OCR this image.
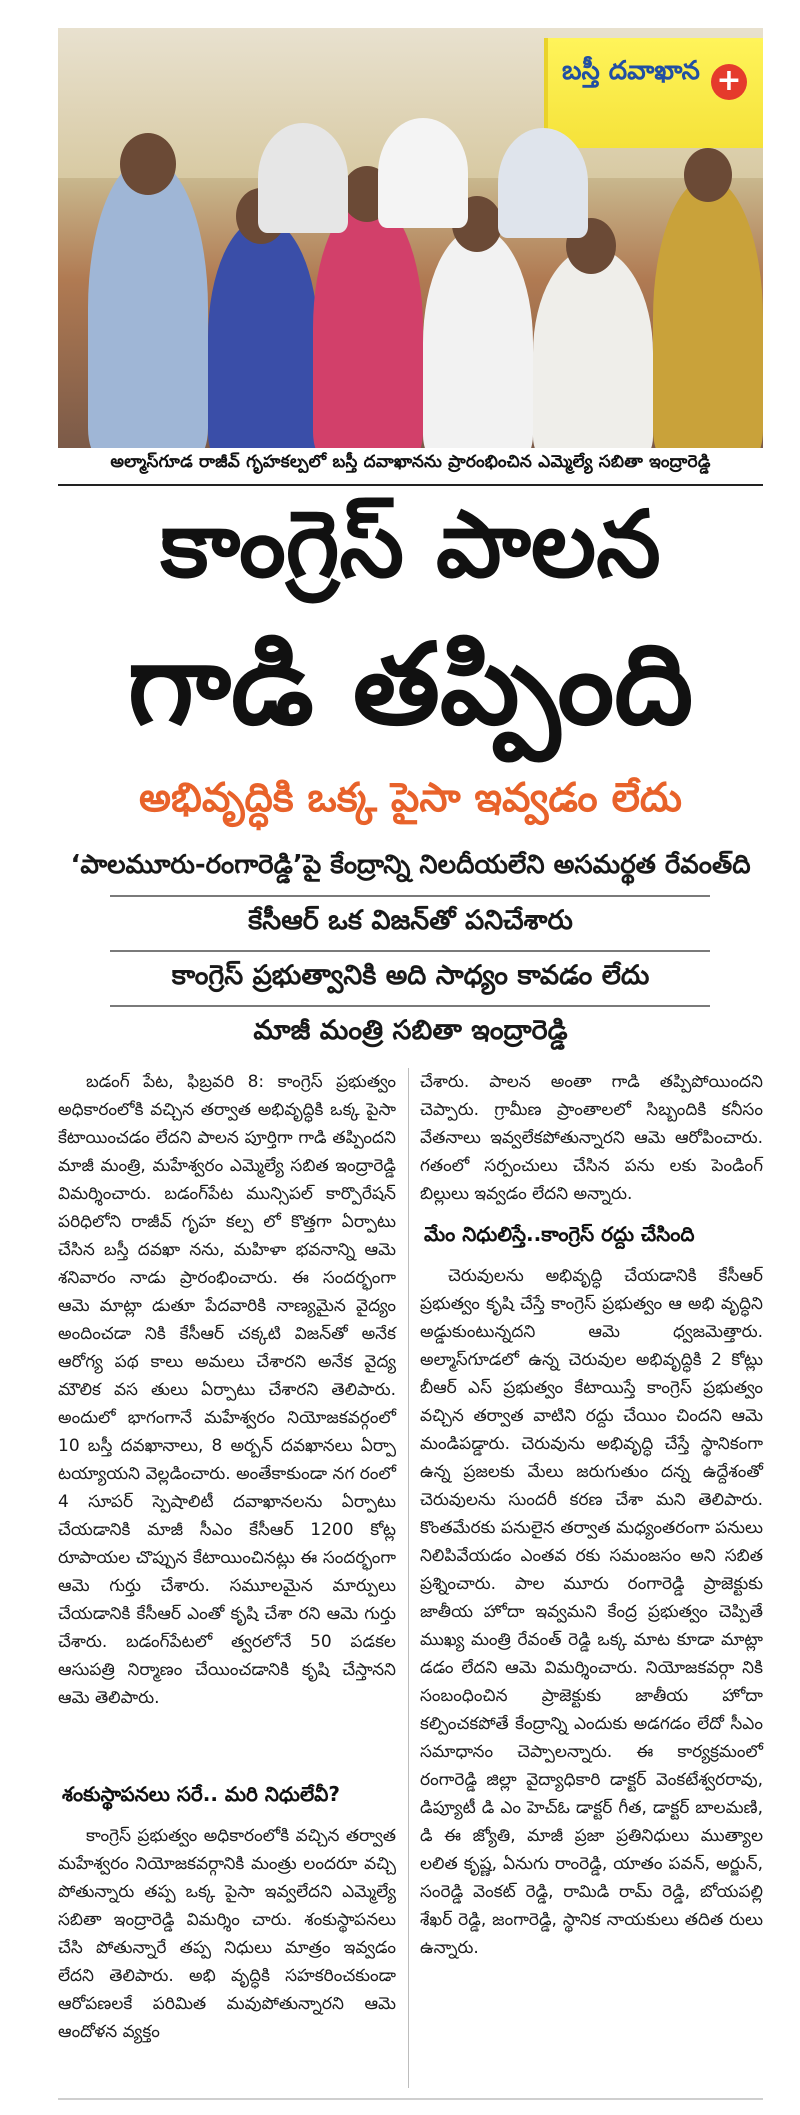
బస్తీ దవాఖాన +
అల్మాస్‌గూడ రాజీవ్ గృహకల్పలో బస్తీ దవాఖానను ప్రారంభించిన ఎమ్మెల్యే సబితా ఇంద్రారెడ్డి
కాంగ్రెస్ పాలన
గాడి తప్పింది
అభివృద్ధికి ఒక్క పైసా ఇవ్వడం లేదు
‘పాలమూరు-రంగారెడ్డి’పై కేంద్రాన్ని నిలదీయలేని అసమర్థత రేవంత్‌ది
కేసీఆర్ ఒక విజన్‌తో పనిచేశారు
కాంగ్రెస్ ప్రభుత్వానికి అది సాధ్యం కావడం లేదు
మాజీ మంత్రి సబితా ఇంద్రారెడ్డి

బడంగ్ పేట, ఫిబ్రవరి 8: కాంగ్రెస్ ప్రభుత్వం అధికారంలోకి వచ్చిన తర్వాత అభివృద్ధికి ఒక్క పైసా కేటాయించడం లేదని పాలన పూర్తిగా గాడి తప్పిందని మాజీ మంత్రి, మహేశ్వరం ఎమ్మెల్యే సబిత ఇంద్రారెడ్డి విమర్శించారు. బడంగ్‌పేట మున్సిపల్ కార్పొరేషన్ పరిధిలోని రాజీవ్ గృహ కల్ప లో కొత్తగా ఏర్పాటు చేసిన బస్తీ దవఖా నను, మహిళా భవనాన్ని ఆమె శనివారం నాడు ప్రారంభించారు. ఈ సందర్భంగా ఆమె మాట్లా డుతూ పేదవారికి నాణ్యమైన వైద్యం అందించడా నికి కేసీఆర్ చక్కటి విజన్‌తో అనేక ఆరోగ్య పథ కాలు అమలు చేశారని అనేక వైద్య మౌలిక వస తులు ఏర్పాటు చేశారని తెలిపారు. అందులో భాగంగానే మహేశ్వరం నియోజకవర్గంలో 10 బస్తీ దవఖానాలు, 8 అర్బన్ దవఖానలు ఏర్పా టయ్యాయని వెల్లడించారు. అంతేకాకుండా నగ రంలో 4 సూపర్ స్పెషాలిటీ దవాఖానలను ఏర్పాటు చేయడానికి మాజీ సీఎం కేసీఆర్ 1200 కోట్ల రూపాయల చొప్పున కేటాయించినట్లు ఈ సందర్భంగా ఆమె గుర్తు చేశారు. సమూలమైన మార్పులు చేయడానికి కేసీఆర్ ఎంతో కృషి చేశా రని ఆమె గుర్తు చేశారు. బడంగ్‌పేటలో త్వరలోనే 50 పడకల ఆసుపత్రి నిర్మాణం చేయించడానికి కృషి చేస్తానని ఆమె తెలిపారు.

శంకుస్థాపనలు సరే.. మరి నిధులేవీ?

కాంగ్రెస్ ప్రభుత్వం అధికారంలోకి వచ్చిన తర్వాత మహేశ్వరం నియోజకవర్గానికి మంత్రు లందరూ వచ్చి పోతున్నారు తప్ప ఒక్క పైసా ఇవ్వలేదని ఎమ్మెల్యే సబితా ఇంద్రారెడ్డి విమర్శిం చారు. శంకుస్థాపనలు చేసి పోతున్నారే తప్ప నిధులు మాత్రం ఇవ్వడం లేదని తెలిపారు. అభి వృద్ధికి సహకరించకుండా ఆరోపణలకే పరిమిత మవుపోతున్నారని ఆమె ఆందోళన వ్యక్తం

చేశారు. పాలన అంతా గాడి తప్పిపోయిందని చెప్పారు. గ్రామీణ ప్రాంతాలలో సిబ్బందికి కనీసం వేతనాలు ఇవ్వలేకపోతున్నారని ఆమె ఆరోపించారు. గతంలో సర్పంచులు చేసిన పను లకు పెండింగ్ బిల్లులు ఇవ్వడం లేదని అన్నారు.

మేం నిధులిస్తే..కాంగ్రెస్ రద్దు చేసింది

చెరువులను అభివృద్ధి చేయడానికి కేసీఆర్ ప్రభుత్వం కృషి చేస్తే కాంగ్రెస్ ప్రభుత్వం ఆ అభి వృద్ధిని అడ్డుకుంటున్నదని ఆమె ధ్వజమెత్తారు. అల్మాస్‌గూడలో ఉన్న చెరువుల అభివృద్ధికి 2 కోట్లు బీఆర్ ఎస్ ప్రభుత్వం కేటాయిస్తే కాంగ్రెస్ ప్రభుత్వం వచ్చిన తర్వాత వాటిని రద్దు చేయిం చిందని ఆమె మండిపడ్డారు. చెరువును అభివృద్ధి చేస్తే స్థానికంగా ఉన్న ప్రజలకు మేలు జరుగుతుం దన్న ఉద్దేశంతో చెరువులను సుందరీ కరణ చేశా మని తెలిపారు. కొంతమేరకు పనులైన తర్వాత మధ్యంతరంగా పనులు నిలిపివేయడం ఎంతవ రకు సమంజసం అని సబిత ప్రశ్నించారు. పాల మూరు రంగారెడ్డి ప్రాజెక్టుకు జాతీయ హోదా ఇవ్వమని కేంద్ర ప్రభుత్వం చెప్పితే ముఖ్య మంత్రి రేవంత్ రెడ్డి ఒక్క మాట కూడా మాట్లా డడం లేదని ఆమె విమర్శించారు. నియోజకవర్గా నికి సంబంధించిన ప్రాజెక్టుకు జాతీయ హోదా కల్పించకపోతే కేంద్రాన్ని ఎందుకు అడగడం లేదో సీఎం సమాధానం చెప్పాలన్నారు. ఈ కార్యక్రమంలో రంగారెడ్డి జిల్లా వైద్యాధికారి డాక్టర్ వెంకటేశ్వరరావు, డిప్యూటీ డి ఎం హెచ్ఓ డాక్టర్ గీత, డాక్టర్ బాలమణి, డి ఈ జ్యోతి, మాజీ ప్రజా ప్రతినిధులు ముత్యాల లలిత కృష్ణ, ఏనుగు రాంరెడ్డి, యాతం పవన్, అర్జున్, సంరెడ్డి వెంకట్ రెడ్డి, రామిడి రామ్ రెడ్డి, బోయపల్లి శేఖర్ రెడ్డి, జంగారెడ్డి, స్థానిక నాయకులు తదిత రులు ఉన్నారు.
